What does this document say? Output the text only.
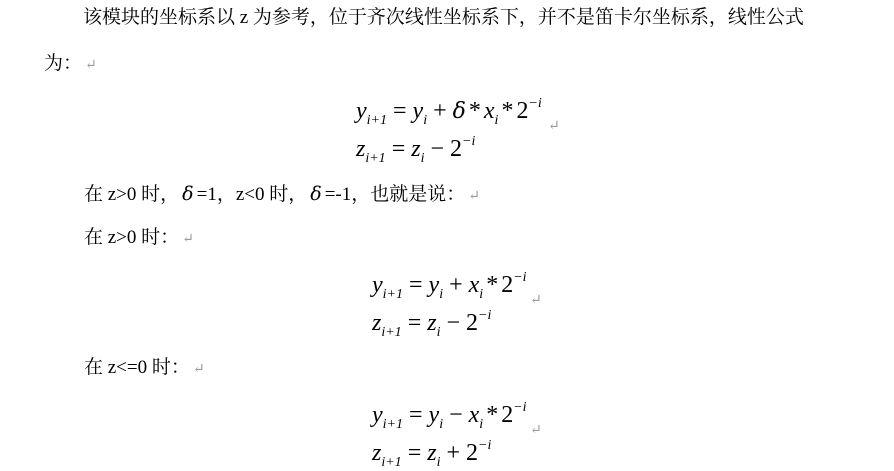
该模块的坐标系以 z 为参考，位于齐次线性坐标系下，并不是笛卡尔坐标系，线性公式
为： ↵
$y_{i+1} = y_i + \delta * x_i * 2^{-i}$
↵
$z_{i+1} = z_i - 2^{-i}$
在 z>0 时， δ =1，z<0 时， δ =-1，也就是说： ↵
在 z>0 时： ↵
$y_{i+1} = y_i + x_i * 2^{-i}$
↵
$z_{i+1} = z_i - 2^{-i}$
在 z<=0 时： ↵
$y_{i+1} = y_i - x_i * 2^{-i}$
↵
$z_{i+1} = z_i + 2^{-i}$
